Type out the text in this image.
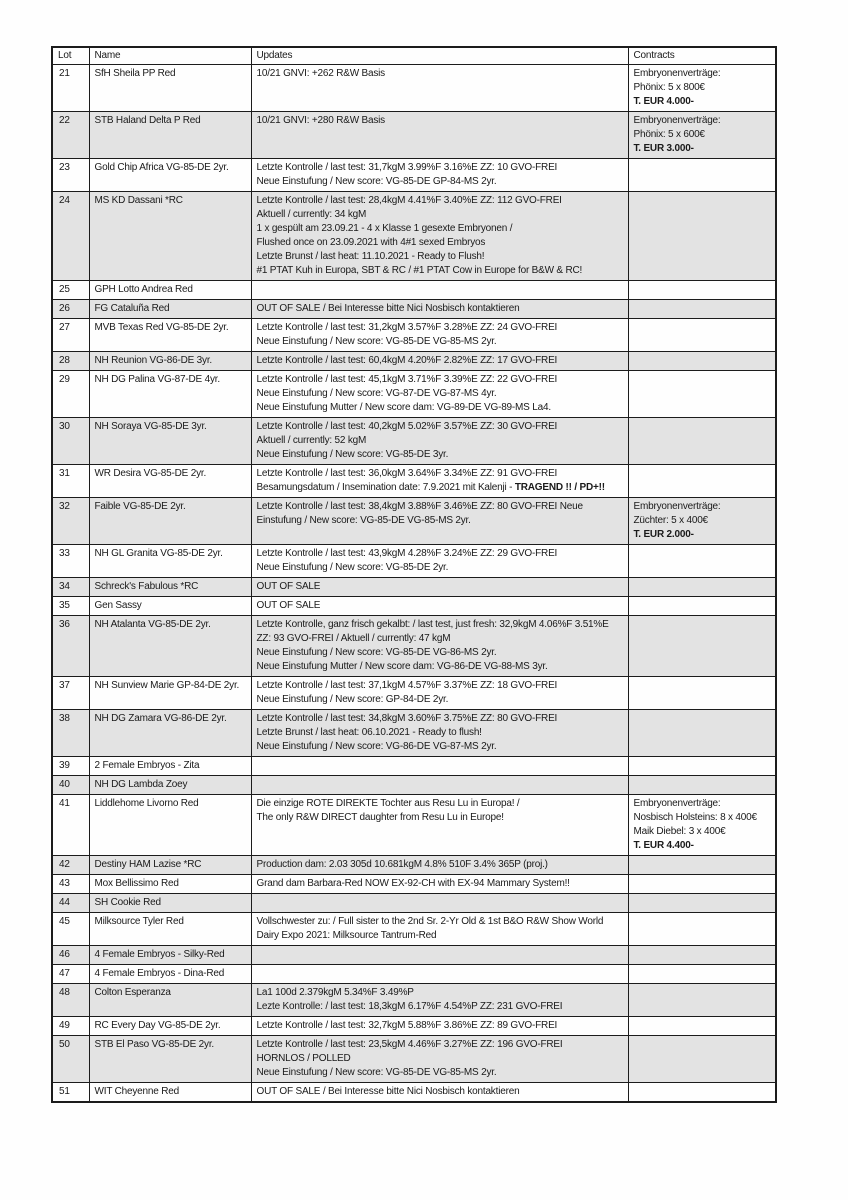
Lot	Name	Updates	Contracts
21	SfH Sheila PP Red	10/21 GNVI: +262 R&W Basis	Embryonenverträge:
Phönix: 5 x 800€
T. EUR 4.000-

22	STB Haland Delta P Red	10/21 GNVI: +280 R&W Basis	Embryonenverträge:
Phönix: 5 x 600€
T. EUR 3.000-

23	Gold Chip Africa VG-85-DE 2yr.	Letzte Kontrolle / last test: 31,7kgM 3.99%F 3.16%E ZZ: 10 GVO-FREI
Neue Einstufung / New score: VG-85-DE GP-84-MS 2yr.	

24	MS KD Dassani *RC	Letzte Kontrolle / last test: 28,4kgM 4.41%F 3.40%E ZZ: 112 GVO-FREI
Aktuell / currently: 34 kgM
1 x gespült am 23.09.21 - 4 x Klasse 1 gesexte Embryonen /
Flushed once on 23.09.2021 with 4#1 sexed Embryos
Letzte Brunst / last heat: 11.10.2021 - Ready to Flush!
#1 PTAT Kuh in Europa, SBT & RC / #1 PTAT Cow in Europe for B&W & RC!

25	GPH Lotto Andrea Red		
26	FG Cataluña Red	OUT OF SALE / Bei Interesse bitte Nici Nosbisch kontaktieren	

27	MVB Texas Red VG-85-DE 2yr.	Letzte Kontrolle / last test: 31,2kgM 3.57%F 3.28%E ZZ: 24 GVO-FREI
Neue Einstufung / New score: VG-85-DE VG-85-MS 2yr.	

28	NH Reunion VG-86-DE 3yr.	Letzte Kontrolle / last test: 60,4kgM 4.20%F 2.82%E ZZ: 17 GVO-FREI	

29	NH DG Palina VG-87-DE 4yr.	Letzte Kontrolle / last test: 45,1kgM 3.71%F 3.39%E ZZ: 22 GVO-FREI
Neue Einstufung / New score: VG-87-DE VG-87-MS 4yr.
Neue Einstufung Mutter / New score dam: VG-89-DE VG-89-MS La4.	

30	NH Soraya VG-85-DE 3yr.	Letzte Kontrolle / last test: 40,2kgM 5.02%F 3.57%E ZZ: 30 GVO-FREI
Aktuell / currently: 52 kgM
Neue Einstufung / New score: VG-85-DE 3yr.	

31	WR Desira VG-85-DE 2yr.	Letzte Kontrolle / last test: 36,0kgM 3.64%F 3.34%E ZZ: 91 GVO-FREI
Besamungsdatum / Insemination date: 7.9.2021 mit Kalenji - TRAGEND !! / PD+!!	

32	Faible VG-85-DE 2yr.	Letzte Kontrolle / last test: 38,4kgM 3.88%F 3.46%E ZZ: 80 GVO-FREI Neue Einstufung / New score: VG-85-DE VG-85-MS 2yr.	Embryonenverträge:
Züchter: 5 x 400€
T. EUR 2.000-

33	NH GL Granita VG-85-DE 2yr.	Letzte Kontrolle / last test: 43,9kgM 4.28%F 3.24%E ZZ: 29 GVO-FREI
Neue Einstufung / New score: VG-85-DE 2yr.	

34	Schreck's Fabulous *RC	OUT OF SALE	

35	Gen Sassy	OUT OF SALE	

36	NH Atalanta VG-85-DE 2yr.	Letzte Kontrolle, ganz frisch gekalbt: / last test, just fresh: 32,9kgM 4.06%F 3.51%E ZZ: 93 GVO-FREI / Aktuell / currently: 47 kgM
Neue Einstufung / New score: VG-85-DE VG-86-MS 2yr.
Neue Einstufung Mutter / New score dam: VG-86-DE VG-88-MS 3yr.	

37	NH Sunview Marie GP-84-DE 2yr.	Letzte Kontrolle / last test: 37,1kgM 4.57%F 3.37%E ZZ: 18 GVO-FREI
Neue Einstufung / New score: GP-84-DE 2yr.	

38	NH DG Zamara VG-86-DE 2yr.	Letzte Kontrolle / last test: 34,8kgM 3.60%F 3.75%E ZZ: 80 GVO-FREI
Letzte Brunst / last heat: 06.10.2021 - Ready to flush!
Neue Einstufung / New score: VG-86-DE VG-87-MS 2yr.	

39	2 Female Embryos - Zita		
40	NH DG Lambda Zoey		
41	Liddlehome Livorno Red	Die einzige ROTE DIREKTE Tochter aus Resu Lu in Europa! /
The only R&W DIRECT daughter from Resu Lu in Europe!

Embryonenverträge:
Nosbisch Holsteins: 8 x 400€
Maik Diebel: 3 x 400€
T. EUR 4.400-

42	Destiny HAM Lazise *RC	Production dam: 2.03 305d 10.681kgM 4.8% 510F 3.4% 365P (proj.)	

43	Mox Bellissimo Red	Grand dam Barbara-Red NOW EX-92-CH with EX-94 Mammary System!!	

44	SH Cookie Red		
45	Milksource Tyler Red	Vollschwester zu: / Full sister to the 2nd Sr. 2-Yr Old & 1st B&O R&W Show World Dairy Expo 2021: Milksource Tantrum-Red	

46	4 Female Embryos - Silky-Red		
47	4 Female Embryos - Dina-Red		
48	Colton Esperanza	La1 100d 2.379kgM 5.34%F 3.49%P
Lezte Kontrolle: / last test: 18,3kgM 6.17%F 4.54%P ZZ: 231 GVO-FREI	

49	RC Every Day VG-85-DE 2yr.	Letzte Kontrolle / last test: 32,7kgM 5.88%F 3.86%E ZZ: 89 GVO-FREI	

50	STB El Paso VG-85-DE 2yr.	Letzte Kontrolle / last test: 23,5kgM 4.46%F 3.27%E ZZ: 196 GVO-FREI
HORNLOS / POLLED
Neue Einstufung / New score: VG-85-DE VG-85-MS 2yr.	

51	WIT Cheyenne Red	OUT OF SALE / Bei Interesse bitte Nici Nosbisch kontaktieren	
